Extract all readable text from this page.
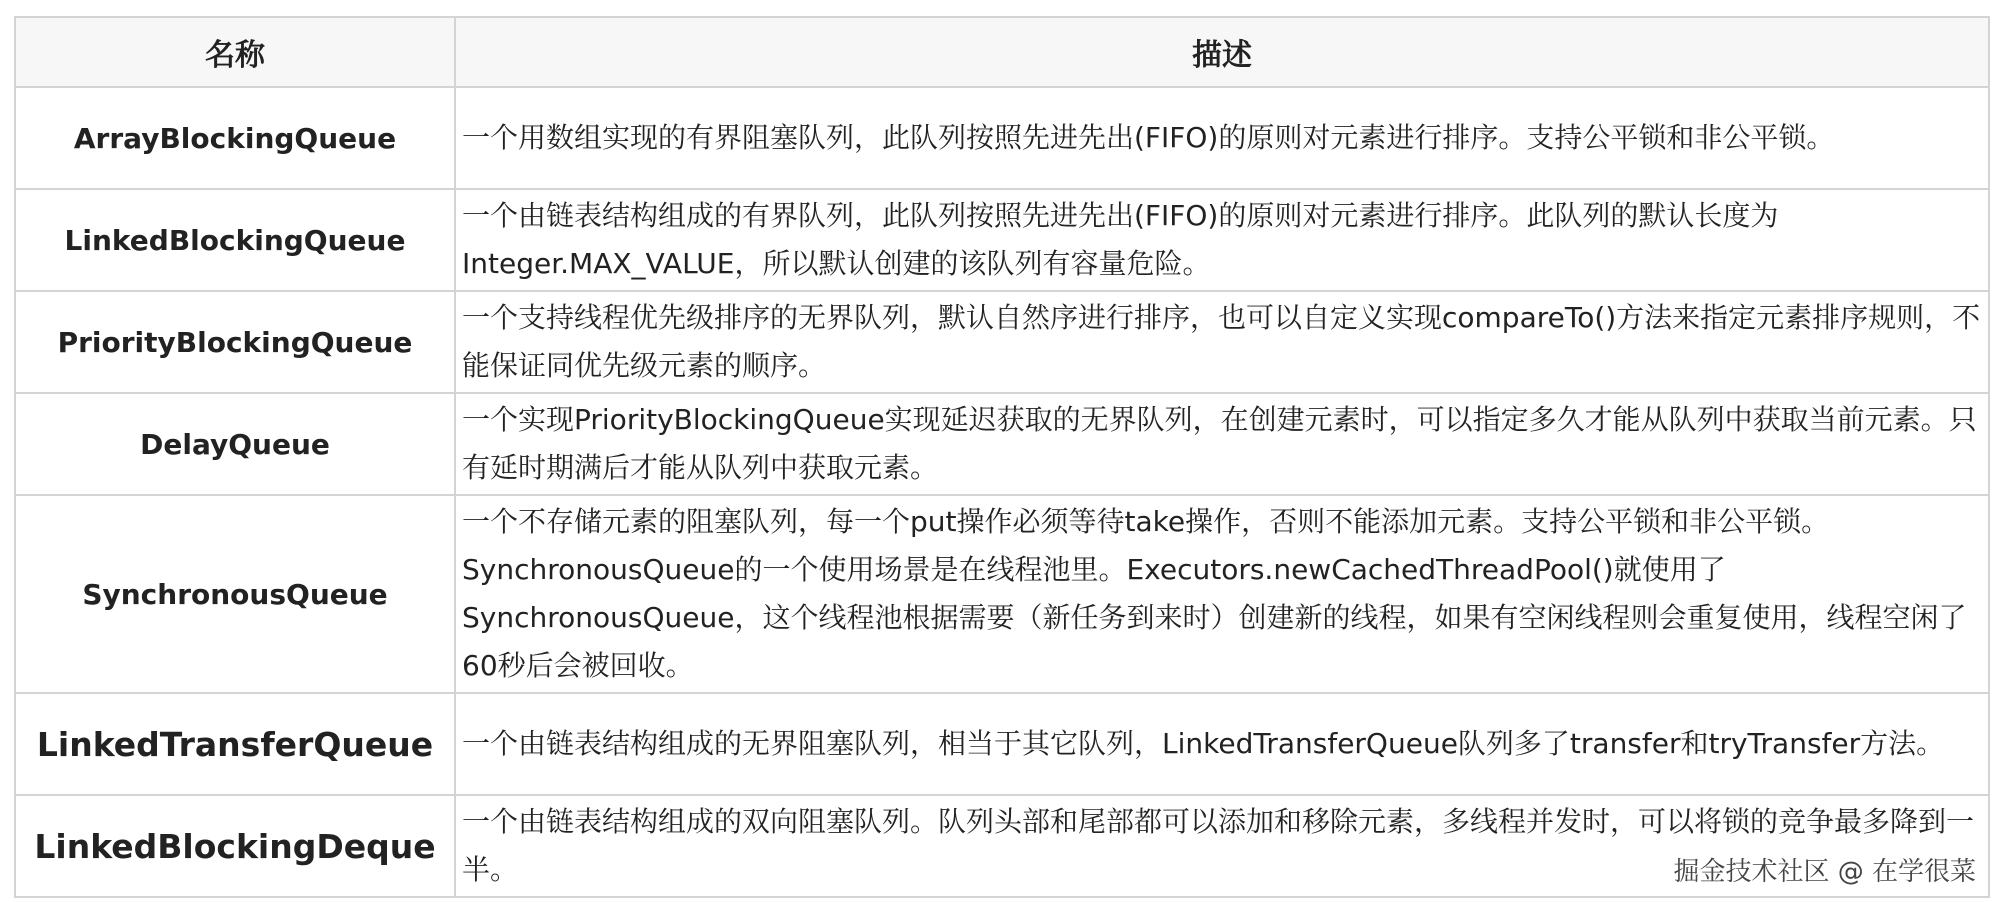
名称	描述
ArrayBlockingQueue	一个用数组实现的有界阻塞队列，此队列按照先进先出(FIFO)的原则对元素进行排序。支持公平锁和非公平锁。
LinkedBlockingQueue	一个由链表结构组成的有界队列，此队列按照先进先出(FIFO)的原则对元素进行排序。此队列的默认长度为Integer.MAX_VALUE，所以默认创建的该队列有容量危险。
PriorityBlockingQueue	一个支持线程优先级排序的无界队列，默认自然序进行排序，也可以自定义实现compareTo()方法来指定元素排序规则，不能保证同优先级元素的顺序。
DelayQueue	一个实现PriorityBlockingQueue实现延迟获取的无界队列，在创建元素时，可以指定多久才能从队列中获取当前元素。只有延时期满后才能从队列中获取元素。
SynchronousQueue	一个不存储元素的阻塞队列，每一个put操作必须等待take操作，否则不能添加元素。支持公平锁和非公平锁。SynchronousQueue的一个使用场景是在线程池里。Executors.newCachedThreadPool()就使用了SynchronousQueue，这个线程池根据需要（新任务到来时）创建新的线程，如果有空闲线程则会重复使用，线程空闲了60秒后会被回收。
LinkedTransferQueue	一个由链表结构组成的无界阻塞队列，相当于其它队列，LinkedTransferQueue队列多了transfer和tryTransfer方法。
LinkedBlockingDeque	一个由链表结构组成的双向阻塞队列。队列头部和尾部都可以添加和移除元素，多线程并发时，可以将锁的竞争最多降到一半。	掘金技术社区 @ 在学很菜
